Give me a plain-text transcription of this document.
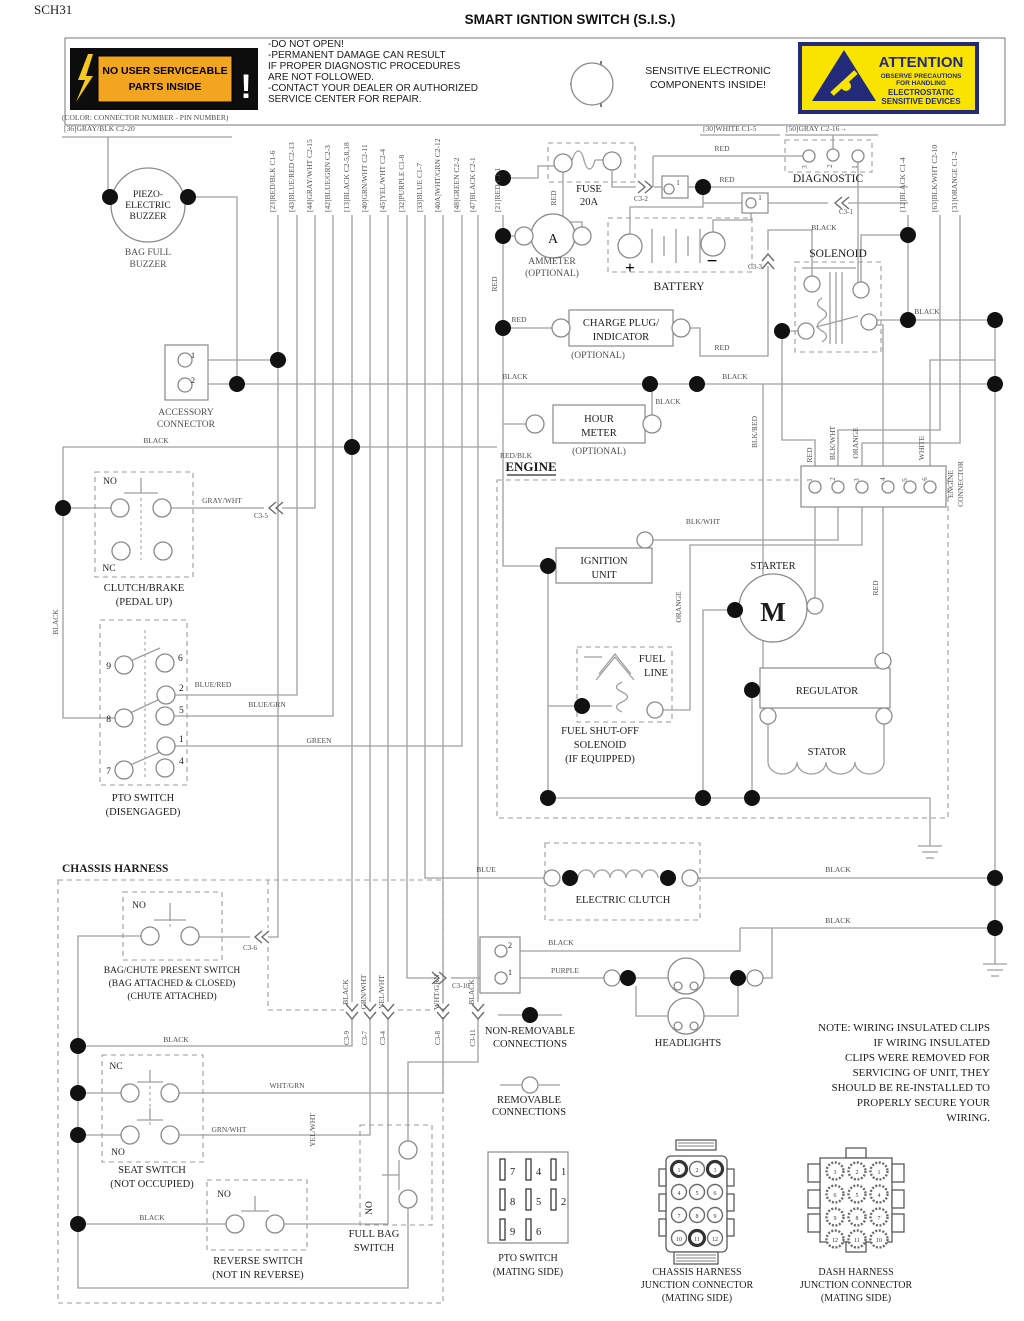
SCH31
SMART IGNTION SWITCH (S.I.S.)
1	2	3
4	5	6
7	8	9
10 11 12
3	2	1
6	5	4
9	8	7
12	11	10
-DO NOT OPEN!
-PERMANENT DAMAGE CAN RESULT
IF PROPER DIAGNOSTIC PROCEDURES
ARE NOT FOLLOWED.
-CONTACT YOUR DEALER OR AUTHORIZED
SERVICE CENTER FOR REPAIR.
SENSITIVE ELECTRONIC
COMPONENTS INSIDE!
NO USER SERVICEABLE
PARTS INSIDE !
(COLOR: CONNECTOR NUMBER - PIN NUMBER)
ATTENTION
OBSERVE PRECAUTIONS
FOR HANDLING
ELECTROSTATIC
SENSITIVE DEVICES
[36]GRAY/BLK C2-20
[23]RED/BLK C1-6 [43]BLUE/RED C2-13 [44]GRAY/WHT C2-15 [42]BLUE/GRN C2-3 [13]BLACK C2-5,8,18 [40]GRN/WHT C2-11 [45]YEL/WHT C2-4 [32]PURPLE C1-8 [33]BLUE C1-7 [40A]WHT/GRN C2-12 [48]GREEN C2-2 [47]BLACK C2-1 [21]RED C1-1
[30]WHITE C1-5	[50]GRAY C2-16→
[12]BLACK C1-4	[63]BLK/WHT C2-10 [31]ORANGE C1-2
PIEZO-
ELECTRIC
BUZZER
BAG FULL
BUZZER
DIAGNOSTIC
3 2 1
FUSE
20A	C3-2
1
1
RED
RED
A
AMMETER
(OPTIONAL)
BATTERY
+	−
CHARGE PLUG/
INDICATOR
(OPTIONAL)
RED
RED
RED
RED
BLACK
BLACK
BLACK	BLACK
BLACK
BLACK
BLACK
BLACK
BLACK
BLACK
BLACK
BLACK
SOLENOID
C3-1
C3-3
GRAY/WHT
C3-5
BLUE/RED
BLUE/GRN
GREEN
1
2
ACCESSORY
CONNECTOR	HOUR
METER
(OPTIONAL)
RED/BLK
BLK/RED
ENGINE
1 2 3	4 5 6
RED BLK/WHT ORANGE	WHITE
ENGINE CONNECTOR
BLK/WHT
IGNITION
UNIT
ORANGE
STARTER
M
RED
FUEL
LINE
FUEL SHUT-OFF
SOLENOID
(IF EQUIPPED)
REGULATOR
STATOR
CHASSIS HARNESS
NO
BAG/CHUTE PRESENT SWITCH
(BAG ATTACHED & CLOSED)
(CHUTE ATTACHED)
C3-6
BLACK GRN/WHT YEL/WHT	WHT/GRN	BLACK
C3-9 C3-7 C3-4	C3-8	C3-11
C3-10
NC
NO
SEAT SWITCH
(NOT OCCUPIED)
WHT/GRN
GRN/WHT	YEL/WHT
NO
REVERSE SWITCH
(NOT IN REVERSE)
NO
FULL BAG
SWITCH
NO
NC
CLUTCH/BRAKE
(PEDAL UP)
9
8
7
6
2
5
1
4
PTO SWITCH
(DISENGAGED)
ELECTRIC CLUTCH
BLUE
PURPLE
2
1
HEADLIGHTS
NON-REMOVABLE
CONNECTIONS
REMOVABLE
CONNECTIONS
NOTE: WIRING INSULATED CLIPS
IF WIRING INSULATED
CLIPS WERE REMOVED FOR
SERVICING OF UNIT, THEY
SHOULD BE RE-INSTALLED TO
PROPERLY SECURE YOUR
WIRING.
7 4 1
8 5 2
9 6
PTO SWITCH
(MATING SIDE)	CHASSIS HARNESS
JUNCTION CONNECTOR
(MATING SIDE)
DASH HARNESS
JUNCTION CONNECTOR
(MATING SIDE)
